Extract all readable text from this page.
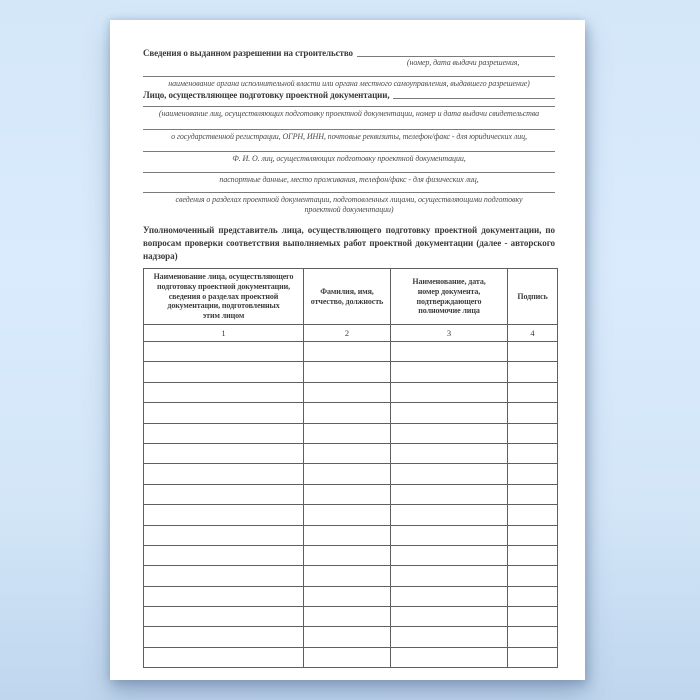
Сведения о выданном разрешении на строительство
(номер, дата выдачи разрешения,
наименование органа исполнительной власти или органа местного самоуправления, выдавшего разрешение)
Лицо, осуществляющее подготовку проектной документации,
(наименование лиц, осуществляющих подготовку проектной документации, номер и дата выдачи свидетельства
о государственной регистрации, ОГРН, ИНН, почтовые реквизиты, телефон/факс - для юридических лиц,
Ф. И. О. лиц, осуществляющих подготовку проектной документации,
паспортные данные, место проживания, телефон/факс - для физических лиц,
сведения о разделах проектной документации, подготовленных лицами, осуществляющими подготовку
проектной документации)
Уполномоченный представитель лица, осуществляющего подготовку проектной документации, по вопросам проверки соответствия выполняемых работ проектной документации (далее - авторского надзора)
Наименование лица, осуществляющего
подготовку проектной документации,
сведения о разделах проектной
документации, подготовленных
этим лицом	Фамилия, имя,
отчество, должность	Наименование, дата,
номер документа,
подтверждающего
полномочие лица	Подпись
1	2	3	4
